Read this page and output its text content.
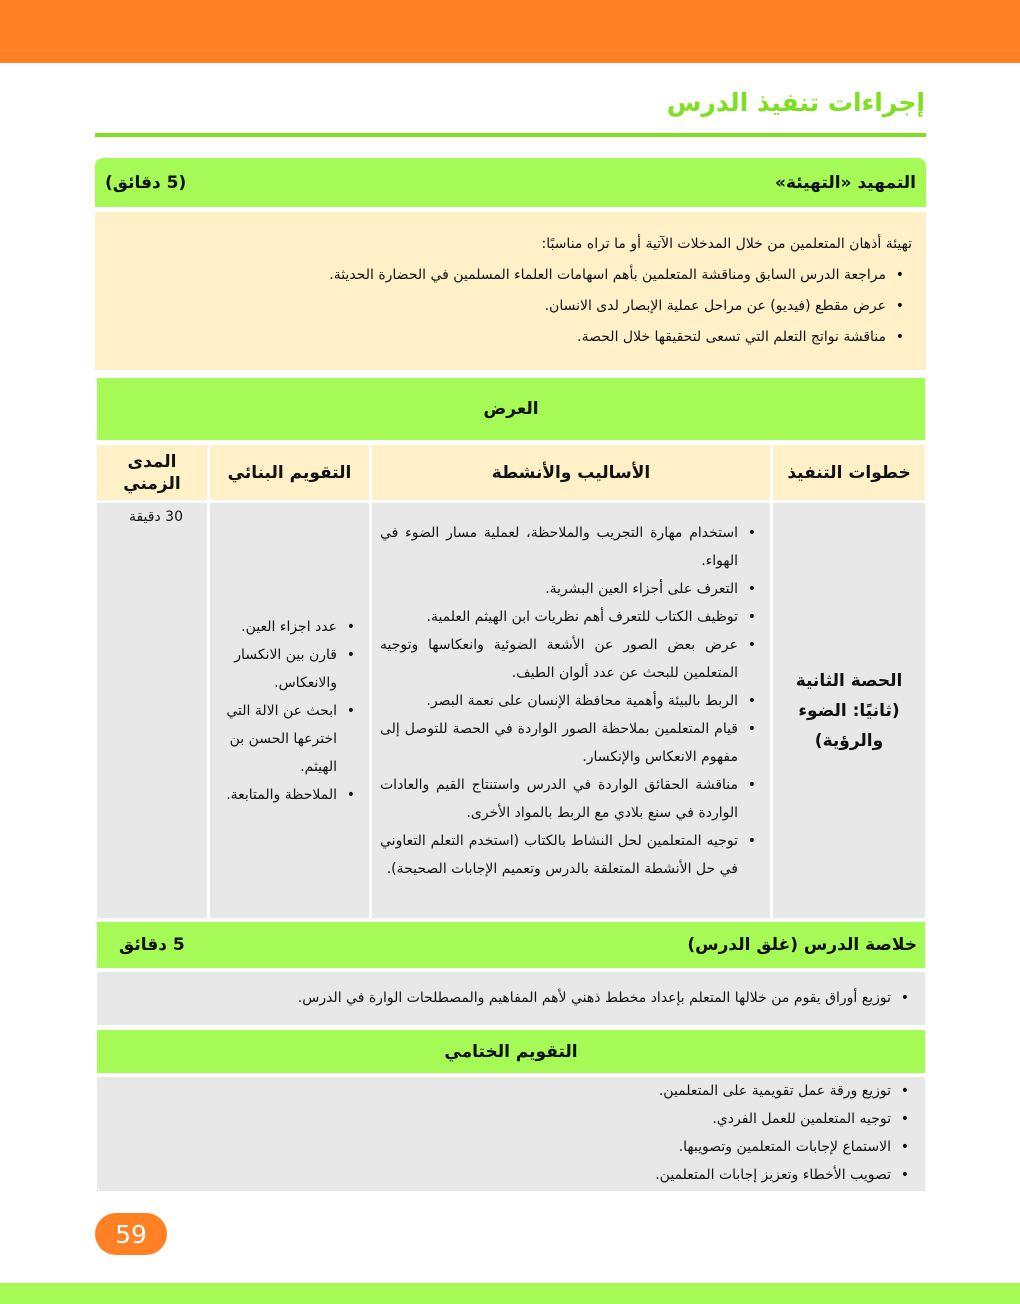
إجراءات تنفيذ الدرس
التمهيد «التهيئة»
(5 دقائق)
تهيئة أذهان المتعلمين من خلال المدخلات الآتية أو ما تراه مناسبًا:
• مراجعة الدرس السابق ومناقشة المتعلمين بأهم اسهامات العلماء المسلمين في الحضارة الحديثة.
• عرض مقطع (فيديو) عن مراحل عملية الإبصار لدى الانسان.
• مناقشة نواتج التعلم التي تسعى لتحقيقها خلال الحصة.
العرض
خطوات التنفيذ
الأساليب والأنشطة
التقويم البنائي
المدى الزمني
الحصة الثانية (ثانيًا: الضوء والرؤية)
• استخدام مهارة التجريب والملاحظة، لعملية مسار الضوء في الهواء.
• التعرف على أجزاء العين البشرية.
• توظيف الكتاب للتعرف أهم نظريات ابن الهيثم العلمية.
• عرض بعض الصور عن الأشعة الضوئية وانعكاسها وتوجيه المتعلمين للبحث عن عدد ألوان الطيف.
• الربط بالبيئة وأهمية محافظة الإنسان على نعمة البصر.
• قيام المتعلمين بملاحظة الصور الواردة في الحصة للتوصل إلى مفهوم الانعكاس والإنكسار.
• مناقشة الحقائق الواردة في الدرس واستنتاج القيم والعادات الواردة في سنع بلادي مع الربط بالمواد الأخرى.
• توجيه المتعلمين لحل النشاط بالكتاب (استخدم التعلم التعاوني في حل الأنشطة المتعلقة بالدرس وتعميم الإجابات الصحيحة).
• عدد اجزاء العين.
• قارن بين الانكسار والانعكاس.
• ابحث عن الالة التي اخترعها الحسن بن الهيثم.
• الملاحظة والمتابعة.
30 دقيقة
خلاصة الدرس (غلق الدرس)
5 دقائق
• توزيع أوراق يقوم من خلالها المتعلم بإعداد مخطط ذهني لأهم المفاهيم والمصطلحات الوارة في الدرس.
التقويم الختامي
• توزيع ورقة عمل تقويمية على المتعلمين.
• توجيه المتعلمين للعمل الفردي.
• الاستماع لإجابات المتعلمين وتصويبها.
• تصويب الأخطاء وتعزيز إجابات المتعلمين.
59
